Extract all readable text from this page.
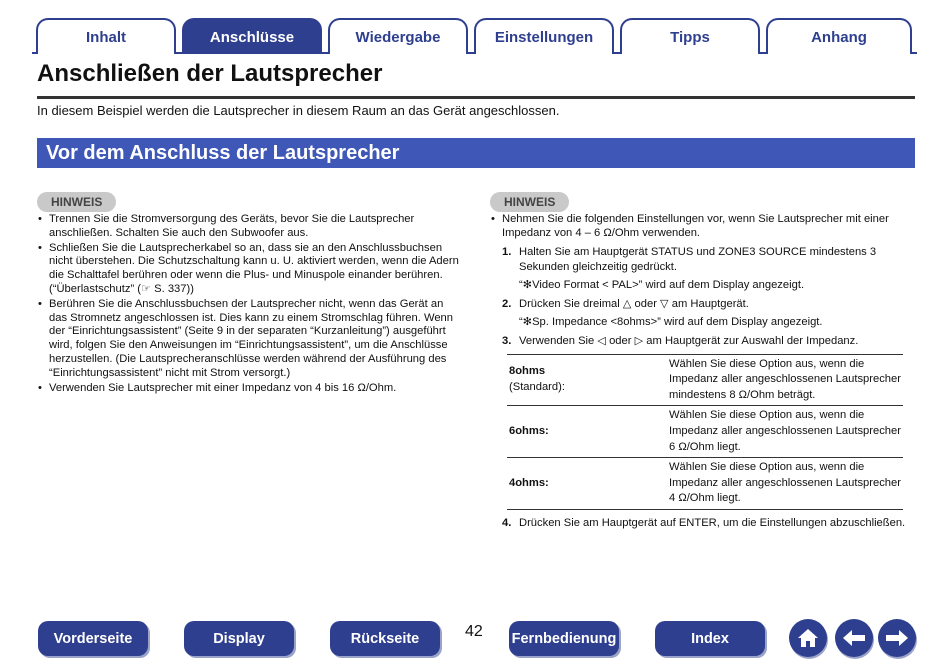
Inhalt	Anschlüsse	Wiedergabe	Einstellungen	Tipps	Anhang
Anschließen der Lautsprecher
In diesem Beispiel werden die Lautsprecher in diesem Raum an das Gerät angeschlossen.
Vor dem Anschluss der Lautsprecher
HINWEIS
• Trennen Sie die Stromversorgung des Geräts, bevor Sie die Lautsprecher anschließen. Schalten Sie auch den Subwoofer aus.
• Schließen Sie die Lautsprecherkabel so an, dass sie an den Anschlussbuchsen nicht überstehen. Die Schutzschaltung kann u. U. aktiviert werden, wenn die Adern die Schalttafel berühren oder wenn die Plus- und Minuspole einander berühren. (“Überlastschutz” (☞ S. 337))
• Berühren Sie die Anschlussbuchsen der Lautsprecher nicht, wenn das Gerät an das Stromnetz angeschlossen ist. Dies kann zu einem Stromschlag führen. Wenn der “Einrichtungsassistent” (Seite 9 in der separaten “Kurzanleitung”) ausgeführt wird, folgen Sie den Anweisungen im “Einrichtungsassistent”, um die Anschlüsse herzustellen. (Die Lautsprecheranschlüsse werden während der Ausführung des “Einrichtungsassistent” nicht mit Strom versorgt.)
• Verwenden Sie Lautsprecher mit einer Impedanz von 4 bis 16 Ω/Ohm.
HINWEIS
• Nehmen Sie die folgenden Einstellungen vor, wenn Sie Lautsprecher mit einer Impedanz von 4 – 6 Ω/Ohm verwenden.
1. Halten Sie am Hauptgerät STATUS und ZONE3 SOURCE mindestens 3 Sekunden gleichzeitig gedrückt.
“✻Video Format < PAL>” wird auf dem Display angezeigt.
2. Drücken Sie dreimal △ oder ▽ am Hauptgerät.
“✻Sp. Impedance <8ohms>” wird auf dem Display angezeigt.
3. Verwenden Sie ◁ oder ▷ am Hauptgerät zur Auswahl der Impedanz.
8ohms
(Standard):	Wählen Sie diese Option aus, wenn die Impedanz aller angeschlossenen Lautsprecher mindestens 8 Ω/Ohm beträgt.
6ohms:	Wählen Sie diese Option aus, wenn die Impedanz aller angeschlossenen Lautsprecher 6 Ω/Ohm liegt.
4ohms:	Wählen Sie diese Option aus, wenn die Impedanz aller angeschlossenen Lautsprecher 4 Ω/Ohm liegt.
4. Drücken Sie am Hauptgerät auf ENTER, um die Einstellungen abzuschließen.
Vorderseite	Display	Rückseite	42 Fernbedienung	Index
